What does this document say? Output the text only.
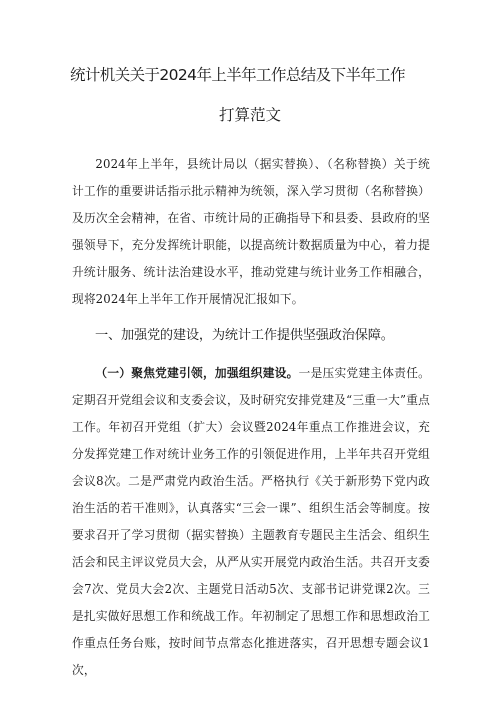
统计机关关于2024年上半年工作总结及下半年工作
打算范文
2024年上半年，县统计局以（据实替换）、（名称替换）关于统计工作的重要讲话指示批示精神为统领，深入学习贯彻（名称替换）及历次全会精神，在省、市统计局的正确指导下和县委、县政府的坚强领导下，充分发挥统计职能，以提高统计数据质量为中心，着力提升统计服务、统计法治建设水平，推动党建与统计业务工作相融合，现将2024年上半年工作开展情况汇报如下。
一、加强党的建设，为统计工作提供坚强政治保障。
（一）聚焦党建引领，加强组织建设。一是压实党建主体责任。定期召开党组会议和支委会议，及时研究安排党建及“三重一大”重点工作。年初召开党组（扩大）会议暨2024年重点工作推进会议，充分发挥党建工作对统计业务工作的引领促进作用，上半年共召开党组会议8次。二是严肃党内政治生活。严格执行《关于新形势下党内政治生活的若干准则》，认真落实“三会一课”、组织生活会等制度。按要求召开了学习贯彻（据实替换）主题教育专题民主生活会、组织生活会和民主评议党员大会，从严从实开展党内政治生活。共召开支委会7次、党员大会2次、主题党日活动5次、支部书记讲党课2次。三是扎实做好思想工作和统战工作。年初制定了思想工作和思想政治工作重点任务台账，按时间节点常态化推进落实，召开思想专题会议1次，
